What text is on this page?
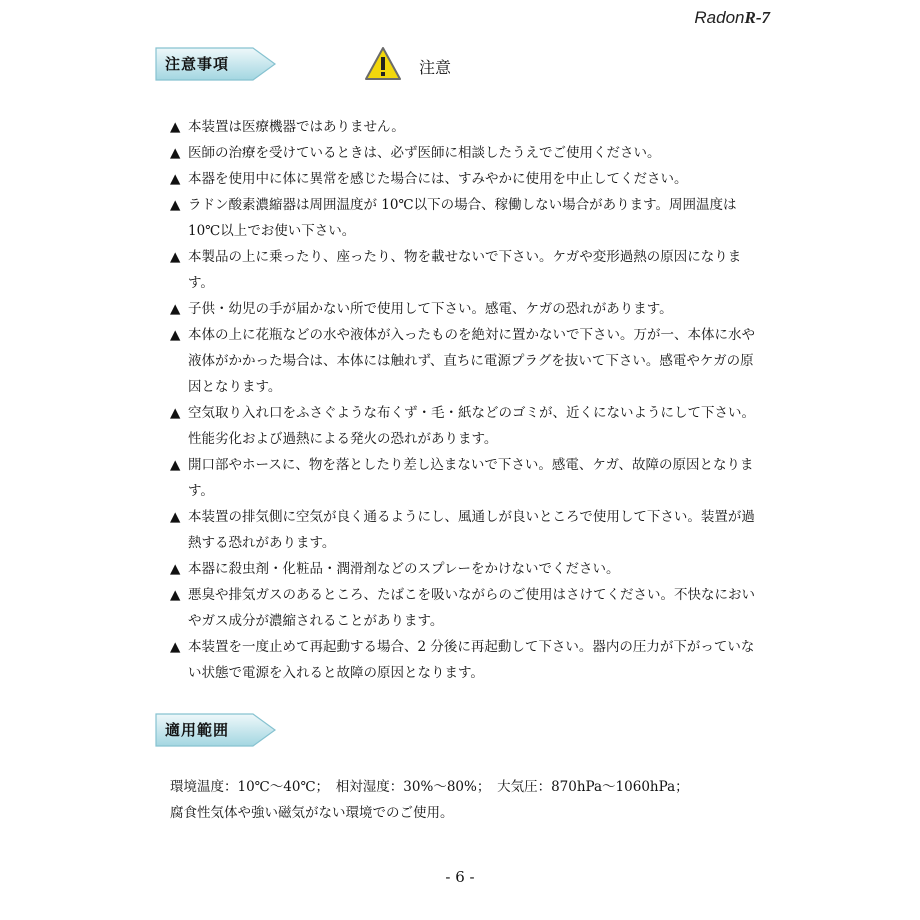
RadonR-7
注意事項	注意
▲ 本装置は医療機器ではありません。
▲ 医師の治療を受けているときは、必ず医師に相談したうえでご使用ください。
▲ 本器を使用中に体に異常を感じた場合には、すみやかに使用を中止してください。
▲ ラドン酸素濃縮器は周囲温度が 10℃以下の場合、稼働しない場合があります。周囲温度は 10℃以上でお使い下さい。
▲ 本製品の上に乗ったり、座ったり、物を載せないで下さい。ケガや変形過熱の原因になります。
▲ 子供・幼児の手が届かない所で使用して下さい。感電、ケガの恐れがあります。
▲ 本体の上に花瓶などの水や液体が入ったものを絶対に置かないで下さい。万が一、本体に水や液体がかかった場合は、本体には触れず、直ちに電源プラグを抜いて下さい。感電やケガの原因となります。
▲ 空気取り入れ口をふさぐような布くず・毛・紙などのゴミが、近くにないようにして下さい。性能劣化および過熱による発火の恐れがあります。
▲ 開口部やホースに、物を落としたり差し込まないで下さい。感電、ケガ、故障の原因となります。
▲ 本装置の排気側に空気が良く通るようにし、風通しが良いところで使用して下さい。装置が過熱する恐れがあります。
▲ 本器に殺虫剤・化粧品・潤滑剤などのスプレーをかけないでください。
▲ 悪臭や排気ガスのあるところ、たばこを吸いながらのご使用はさけてください。不快なにおいやガス成分が濃縮されることがあります。
▲ 本装置を一度止めて再起動する場合、2 分後に再起動して下さい。器内の圧力が下がっていない状態で電源を入れると故障の原因となります。
適用範囲
環境温度：10℃～40℃；　相対湿度：30%～80%；　大気圧：870hPa～1060hPa；
腐食性気体や強い磁気がない環境でのご使用。
- 6 -
